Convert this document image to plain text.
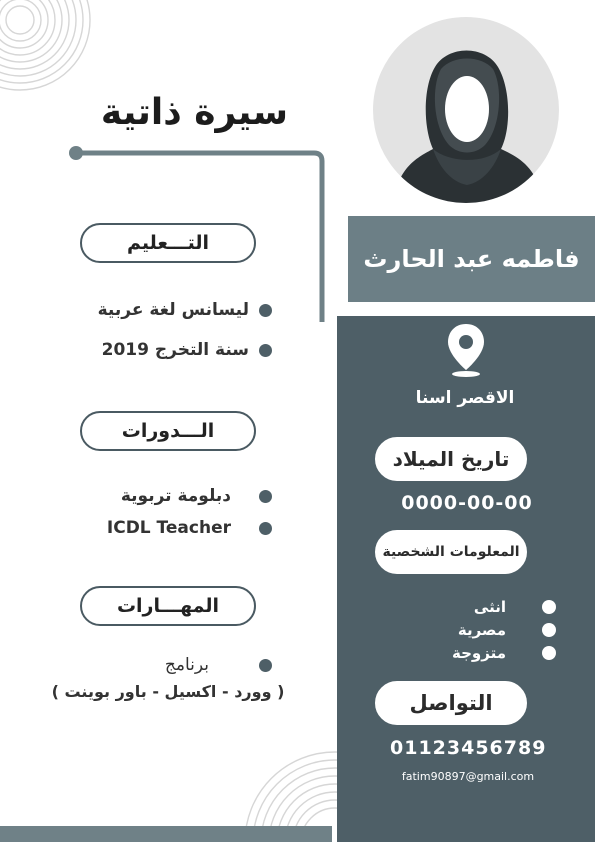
سيرة ذاتية
فاطمه عبد الحارث
الاقصر اسنا
تاريخ الميلاد
0000-00-00
المعلومات الشخصية
انثى
مصرية
متزوجة
التواصل
01123456789
fatim90897@gmail.com
التـــعليم
ليسانس لغة عربية
سنة التخرج 2019
الـــدورات
دبلومة تربوية
ICDL Teacher
المهـــارات
برنامج
( وورد - اكسيل - باور بوينت )
